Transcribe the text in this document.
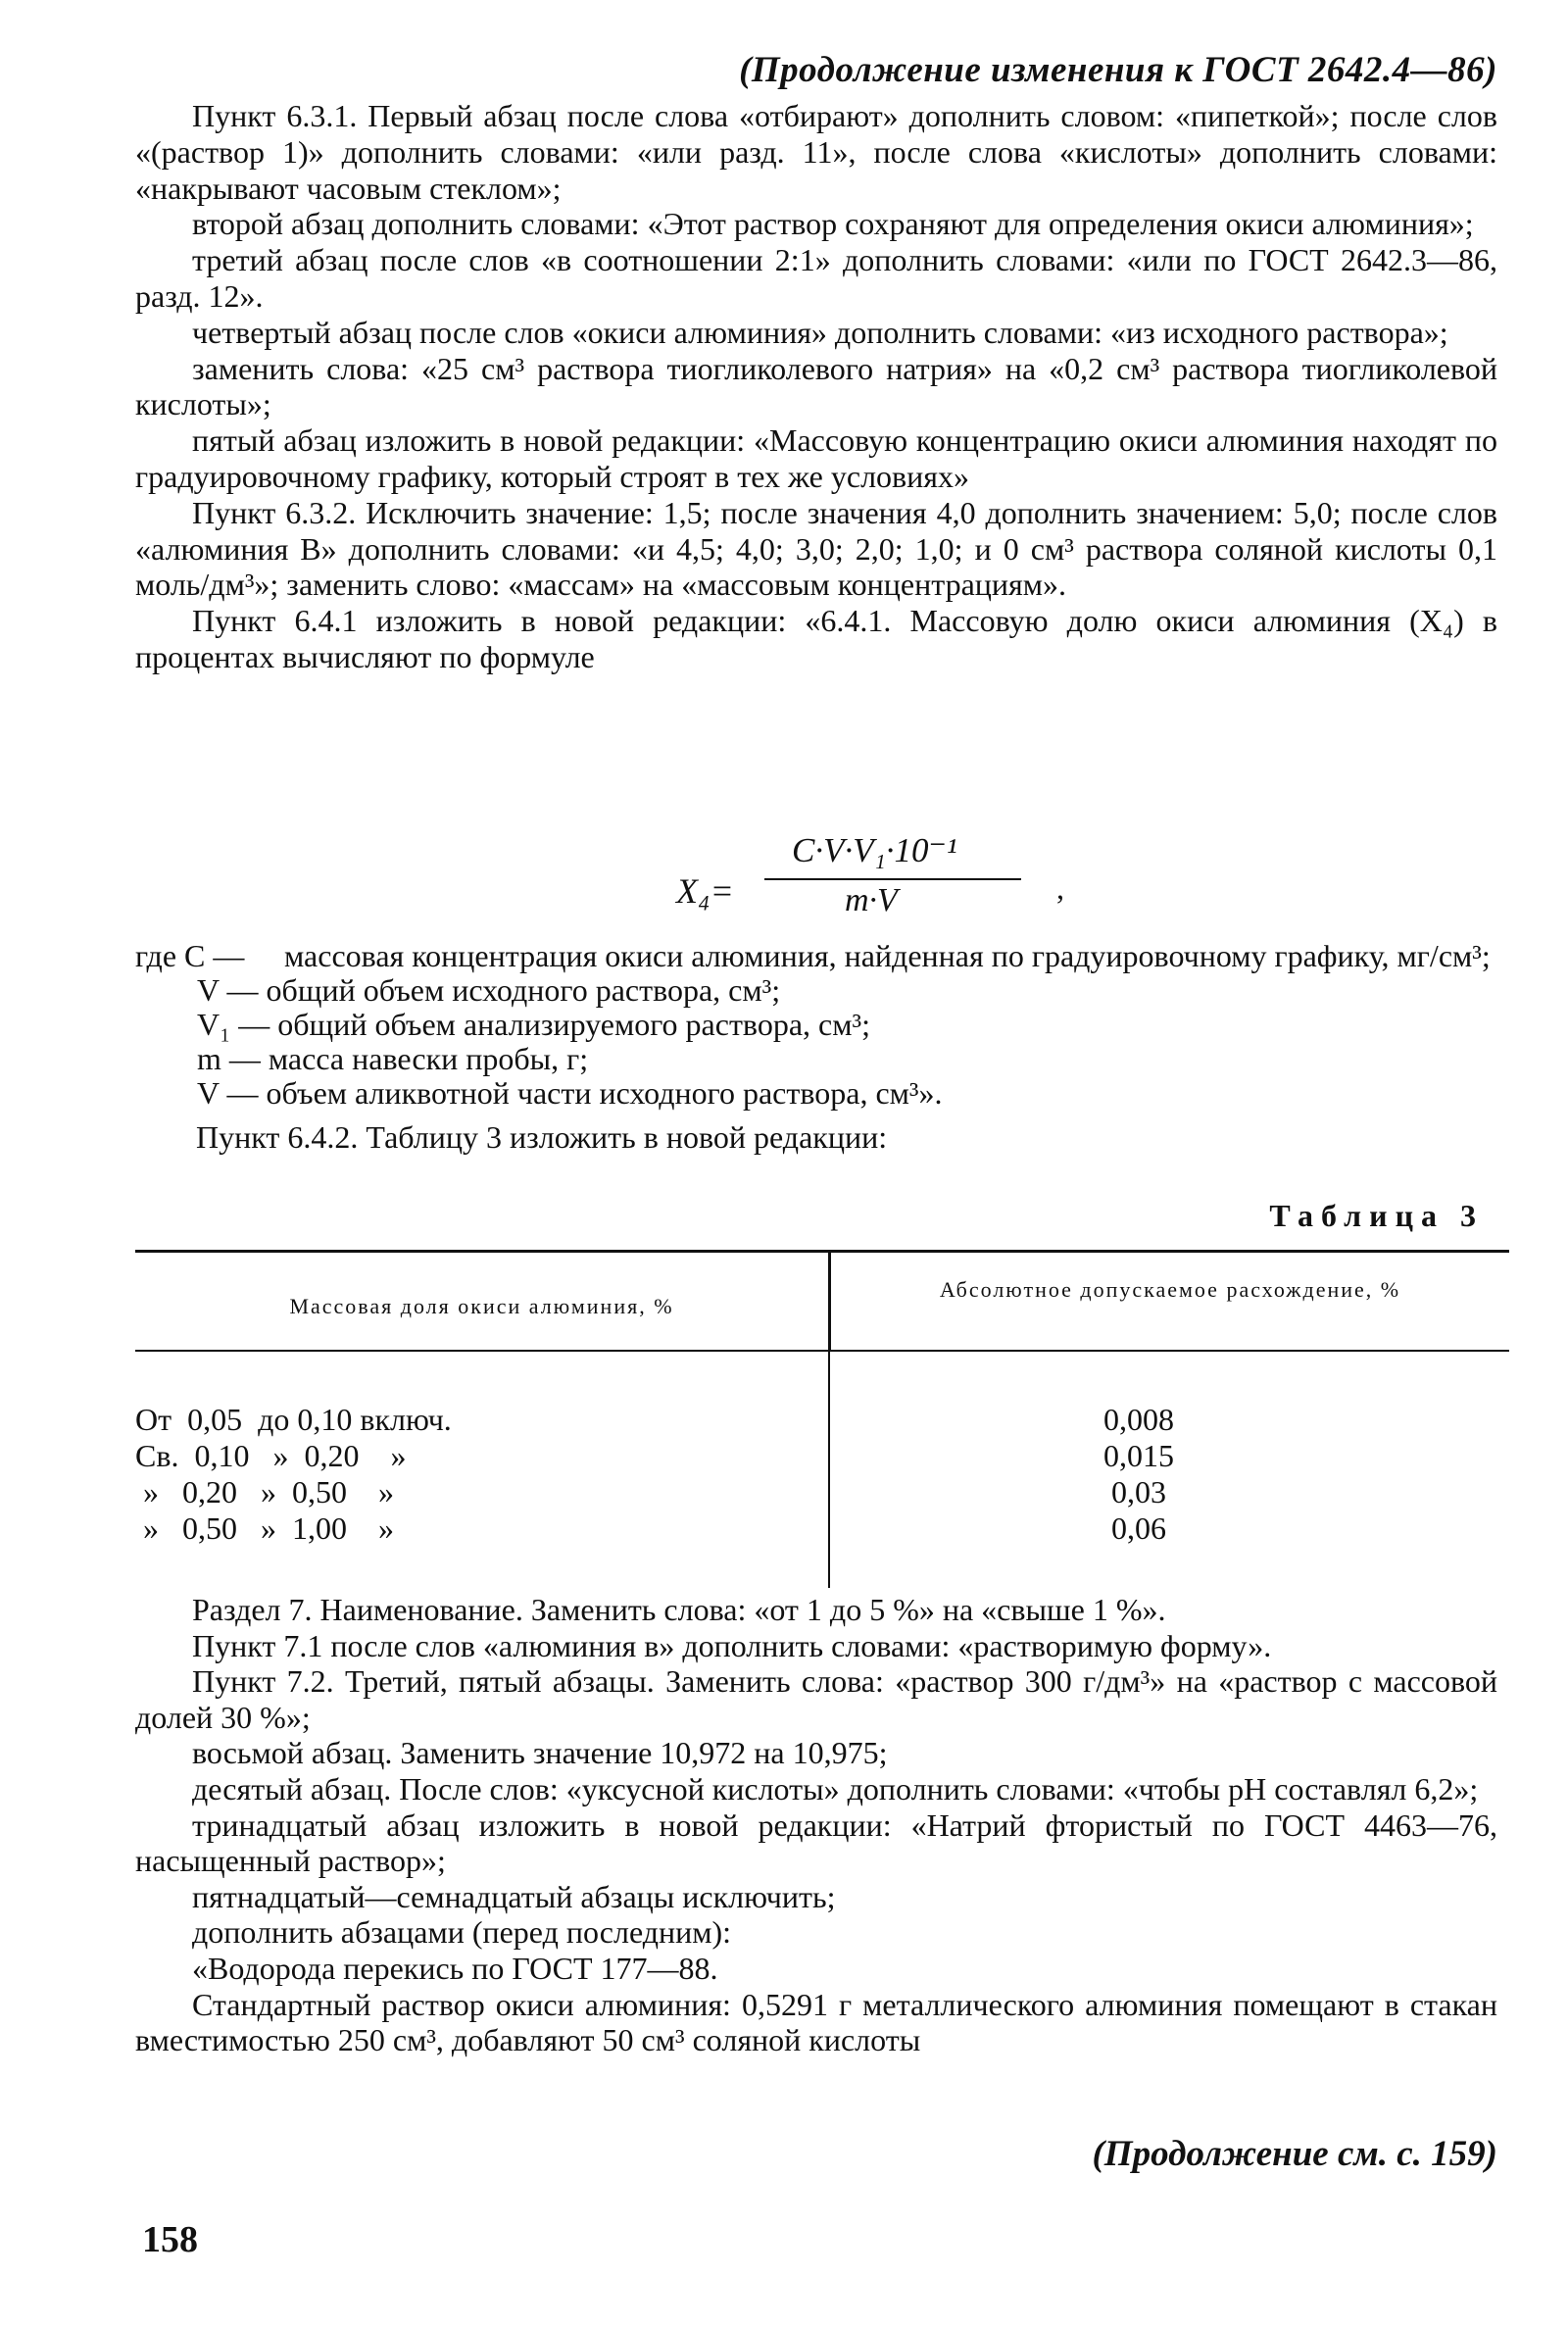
(Продолжение изменения к ГОСТ 2642.4—86)

Пункт 6.3.1. Первый абзац после слова «отбирают» дополнить словом: «пипеткой»; после слов «(раствор 1)» дополнить словами: «или разд. 11», после слова «кислоты» дополнить словами: «накрывают часовым стеклом»;

второй абзац дополнить словами: «Этот раствор сохраняют для определения окиси алюминия»;

третий абзац после слов «в соотношении 2:1» дополнить словами: «или по ГОСТ 2642.3—86, разд. 12».

четвертый абзац после слов «окиси алюминия» дополнить словами: «из исходного раствора»;

заменить слова: «25 см³ раствора тиогликолевого натрия» на «0,2 см³ раствора тиогликолевой кислоты»;

пятый абзац изложить в новой редакции: «Массовую концентрацию окиси алюминия находят по градуировочному графику, который строят в тех же условиях»

Пункт 6.3.2. Исключить значение: 1,5; после значения 4,0 дополнить значением: 5,0; после слов «алюминия В» дополнить словами: «и 4,5; 4,0; 3,0; 2,0; 1,0; и 0 см³ раствора соляной кислоты 0,1 моль/дм³»; заменить слово: «массам» на «массовым концентрациям».

Пункт 6.4.1 изложить в новой редакции: «6.4.1. Массовую долю окиси алюминия (X₄) в процентах вычисляют по формуле

X₄=
C·V·V₁·10⁻¹
m·V	,
где C —	массовая концентрация окиси алюминия, найденная по градуировочному графику, мг/см³;
V — общий объем исходного раствора, см³;
V₁ — общий объем анализируемого раствора, см³;
m — масса навески пробы, г;
V — объем аликвотной части исходного раствора, см³».
Пункт 6.4.2. Таблицу 3 изложить в новой редакции:
Таблица 3
Массовая доля окиси алюминия, %
Абсолютное допускаемое расхождение, %
От  0,05  до 0,10 включ.	0,008
Св.  0,10   »  0,20    »	0,015
»   0,20   »  0,50    »	0,03
»   0,50   »  1,00    »	0,06

Раздел 7. Наименование. Заменить слова: «от 1 до 5 %» на «свыше 1 %».

Пункт 7.1 после слов «алюминия в» дополнить словами: «растворимую форму».

Пункт 7.2. Третий, пятый абзацы. Заменить слова: «раствор 300 г/дм³» на «раствор с массовой долей 30 %»;

восьмой абзац. Заменить значение 10,972 на 10,975;

десятый абзац. После слов: «уксусной кислоты» дополнить словами: «чтобы pH составлял 6,2»;

тринадцатый абзац изложить в новой редакции: «Натрий фтористый по ГОСТ 4463—76, насыщенный раствор»;

пятнадцатый—семнадцатый абзацы исключить;

дополнить абзацами (перед последним):

«Водорода перекись по ГОСТ 177—88.

Стандартный раствор окиси алюминия: 0,5291 г металлического алюминия помещают в стакан вместимостью 250 см³, добавляют 50 см³ соляной кислоты

(Продолжение см. с. 159)
158
